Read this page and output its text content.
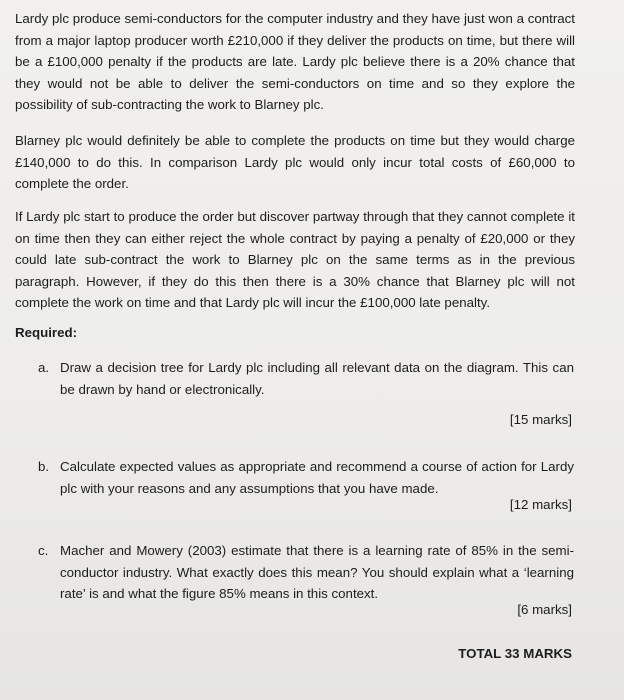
Lardy plc produce semi-conductors for the computer industry and they have just won a contract from a major laptop producer worth £210,000 if they deliver the products on time, but there will be a £100,000 penalty if the products are late. Lardy plc believe there is a 20% chance that they would not be able to deliver the semi-conductors on time and so they explore the possibility of sub-contracting the work to Blarney plc.
Blarney plc would definitely be able to complete the products on time but they would charge £140,000 to do this. In comparison Lardy plc would only incur total costs of £60,000 to complete the order.
If Lardy plc start to produce the order but discover partway through that they cannot complete it on time then they can either reject the whole contract by paying a penalty of £20,000 or they could late sub-contract the work to Blarney plc on the same terms as in the previous paragraph. However, if they do this then there is a 30% chance that Blarney plc will not complete the work on time and that Lardy plc will incur the £100,000 late penalty.
Required:
a. Draw a decision tree for Lardy plc including all relevant data on the diagram. This can be drawn by hand or electronically.
[15 marks]
b. Calculate expected values as appropriate and recommend a course of action for Lardy plc with your reasons and any assumptions that you have made.
[12 marks]
c. Macher and Mowery (2003) estimate that there is a learning rate of 85% in the semi-conductor industry. What exactly does this mean? You should explain what a ‘learning rate’ is and what the figure 85% means in this context.
[6 marks]
TOTAL 33 MARKS
